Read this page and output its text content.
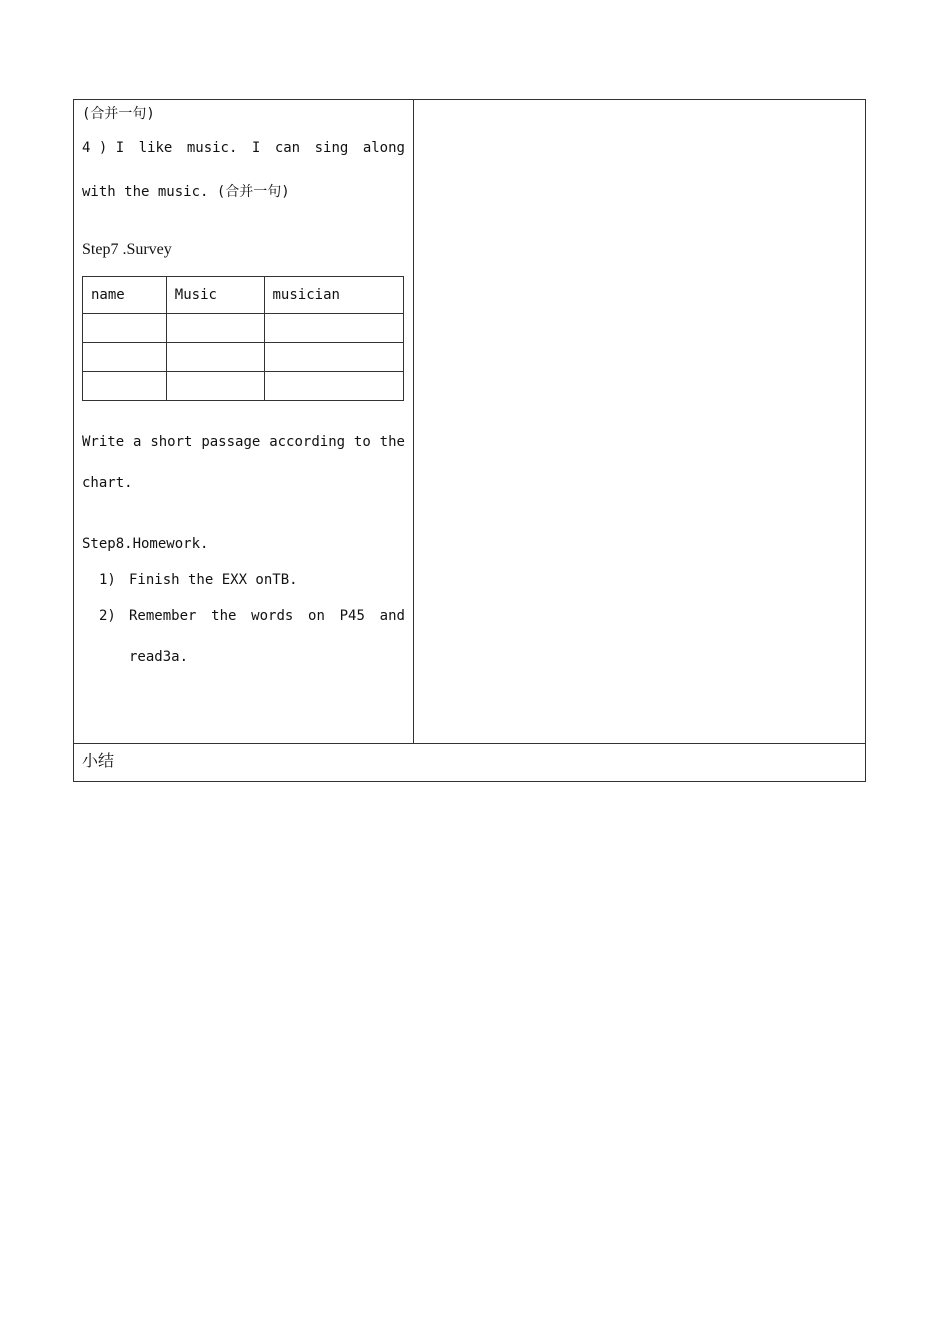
(合并一句)
4 ) I like music. I can sing along
with the music. (合并一句)
Step7 .Survey
name	Music	musician

Write a short passage according to the
chart.
Step8.Homework.
1) Finish the EXX onTB.
2) Remember the words on P45 and
read3a.
小结
